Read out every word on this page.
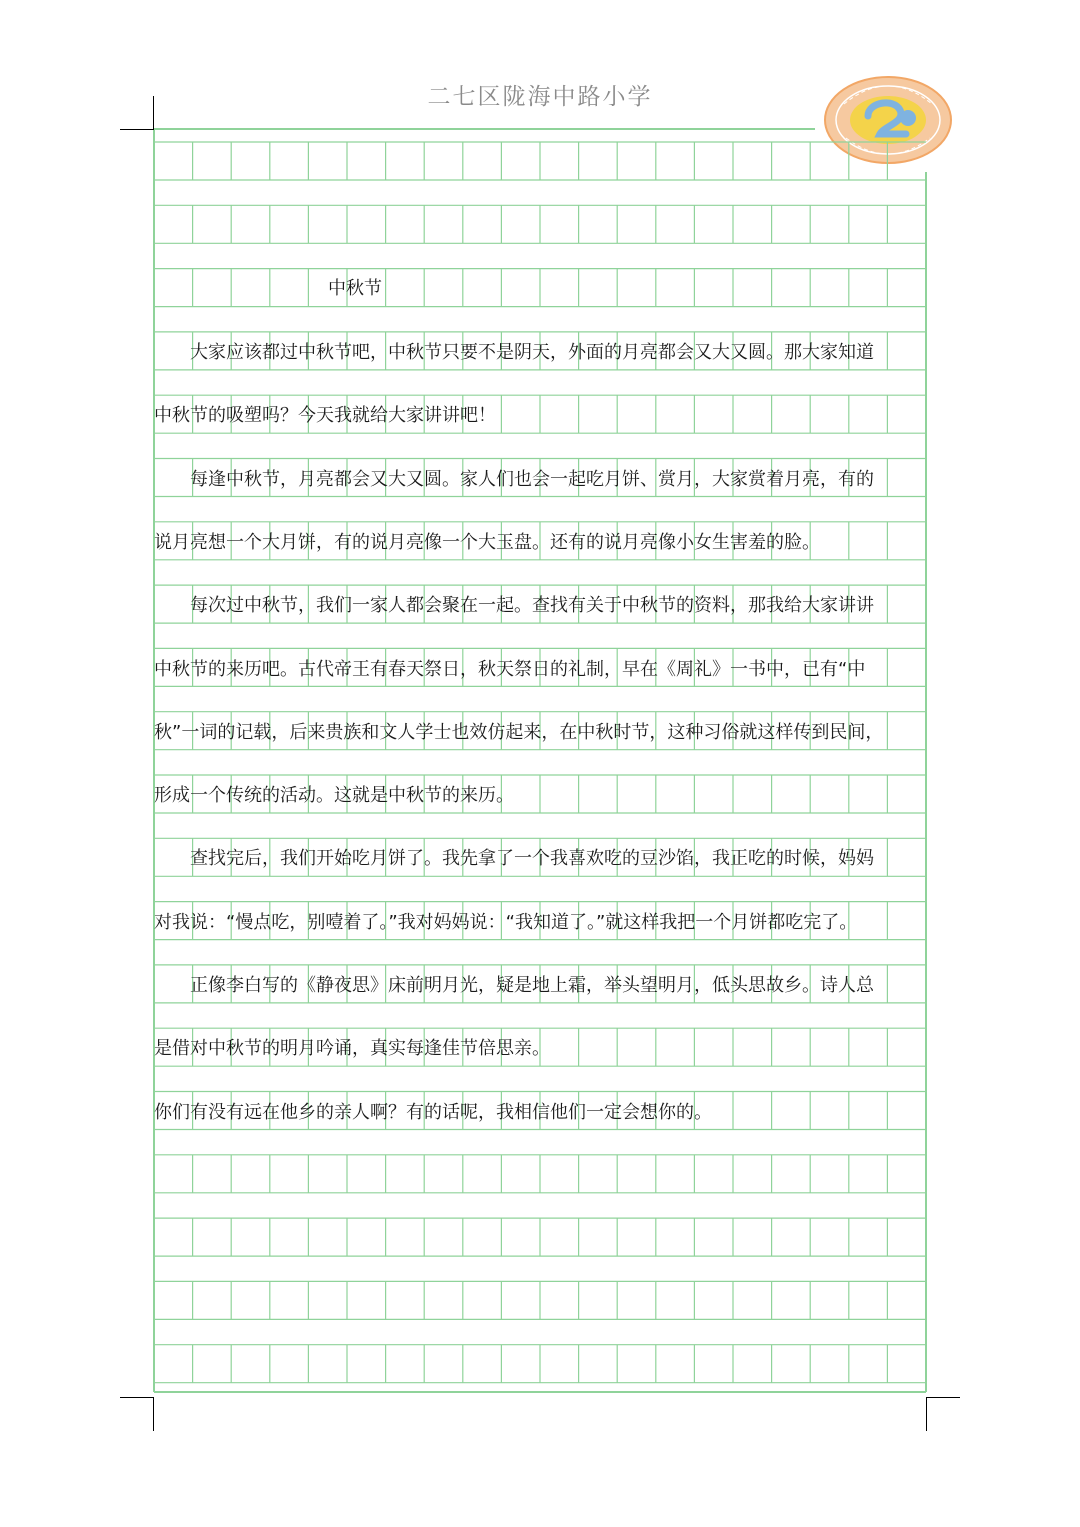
二七区陇海中路小学
中秋节
　　大家应该都过中秋节吧，中秋节只要不是阴天，外面的月亮都会又大又圆。那大家知道
中秋节的吸塑吗？今天我就给大家讲讲吧！
　　每逢中秋节，月亮都会又大又圆。家人们也会一起吃月饼、赏月，大家赏着月亮，有的
说月亮想一个大月饼，有的说月亮像一个大玉盘。还有的说月亮像小女生害羞的脸。
　　每次过中秋节，我们一家人都会聚在一起。查找有关于中秋节的资料，那我给大家讲讲
中秋节的来历吧。古代帝王有春天祭日，秋天祭日的礼制，早在《周礼》一书中，已有“中
秋”一词的记载，后来贵族和文人学士也效仿起来，在中秋时节，这种习俗就这样传到民间，
形成一个传统的活动。这就是中秋节的来历。
　　查找完后，我们开始吃月饼了。我先拿了一个我喜欢吃的豆沙馅，我正吃的时候，妈妈
对我说：“慢点吃，别噎着了。”我对妈妈说：“我知道了。”就这样我把一个月饼都吃完了。
　　正像李白写的《静夜思》床前明月光，疑是地上霜，举头望明月，低头思故乡。诗人总
是借对中秋节的明月吟诵，真实每逢佳节倍思亲。
你们有没有远在他乡的亲人啊？有的话呢，我相信他们一定会想你的。
